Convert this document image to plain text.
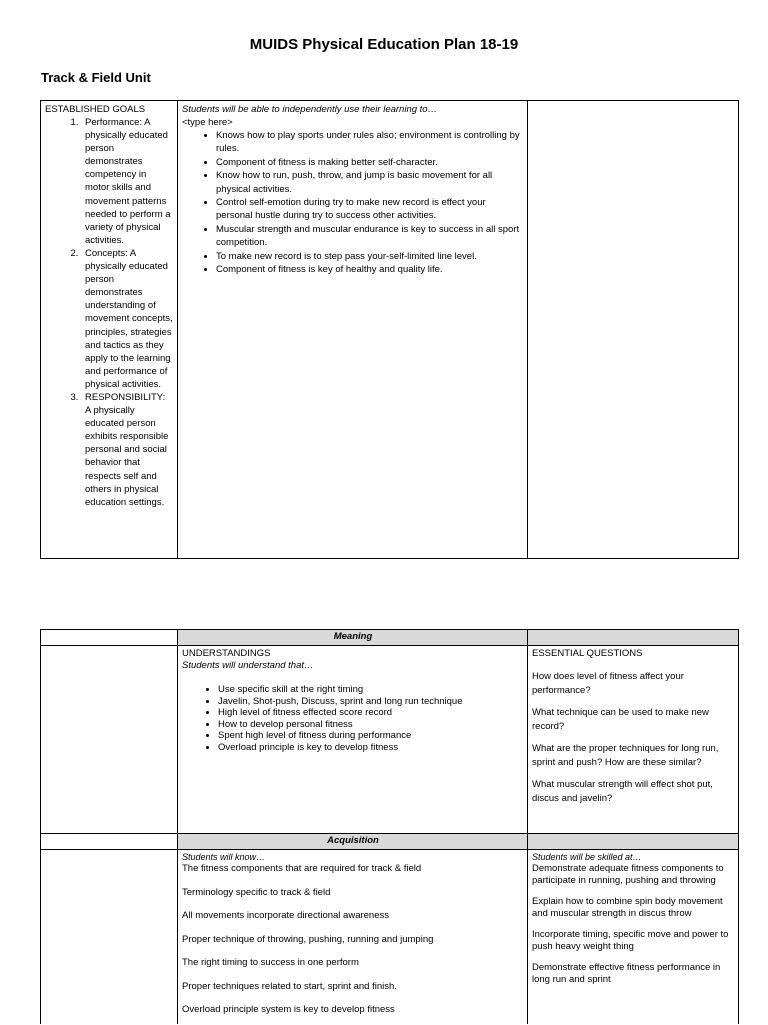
MUIDS Physical Education Plan 18-19
Track & Field Unit
ESTABLISHED GOALS
1. Performance: A physically educated person demonstrates competency in motor skills and movement patterns needed to perform a variety of physical activities.
2. Concepts: A physically educated person demonstrates understanding of movement concepts, principles, strategies and tactics as they apply to the learning and performance of physical activities.
3. RESPONSIBILITY: A physically educated person exhibits responsible personal and social behavior that respects self and others in physical education settings.
Students will be able to independently use their learning to…
<type here>
• Knows how to play sports under rules also; environment is controlling by rules.
• Component of fitness is making better self-character.
• Know how to run, push, throw, and jump is basic movement for all physical activities.
• Control self-emotion during try to make new record is effect your personal hustle during try to success other activities.
• Muscular strength and muscular endurance is key to success in all sport competition.
• To make new record is to step pass your-self-limited line level.
• Component of fitness is key of healthy and quality life.
Meaning
UNDERSTANDINGS
Students will understand that…
• Use specific skill at the right timing
• Javelin, Shot-push, Discuss, sprint and long run technique
• High level of fitness effected score record
• How to develop personal fitness
• Spent high level of fitness during performance
• Overload principle is key to develop fitness

ESSENTIAL QUESTIONS

How does level of fitness affect your performance?

What technique can be used to make new record?

What are the proper techniques for long run, sprint and push? How are these similar?

What muscular strength will effect shot put, discus and javelin?

Acquisition
Students will know…

The fitness components that are required for track & field

Terminology specific to track & field

All movements incorporate directional awareness

Proper technique of throwing, pushing, running and jumping

The right timing to success in one perform

Proper techniques related to start, sprint and finish.

Overload principle system is key to develop fitness

Students will be skilled at…

Demonstrate adequate fitness components to participate in running, pushing and throwing

Explain how to combine spin body movement and muscular strength in discus throw

Incorporate timing, specific move and power to push heavy weight thing

Demonstrate effective fitness performance in long run and sprint
